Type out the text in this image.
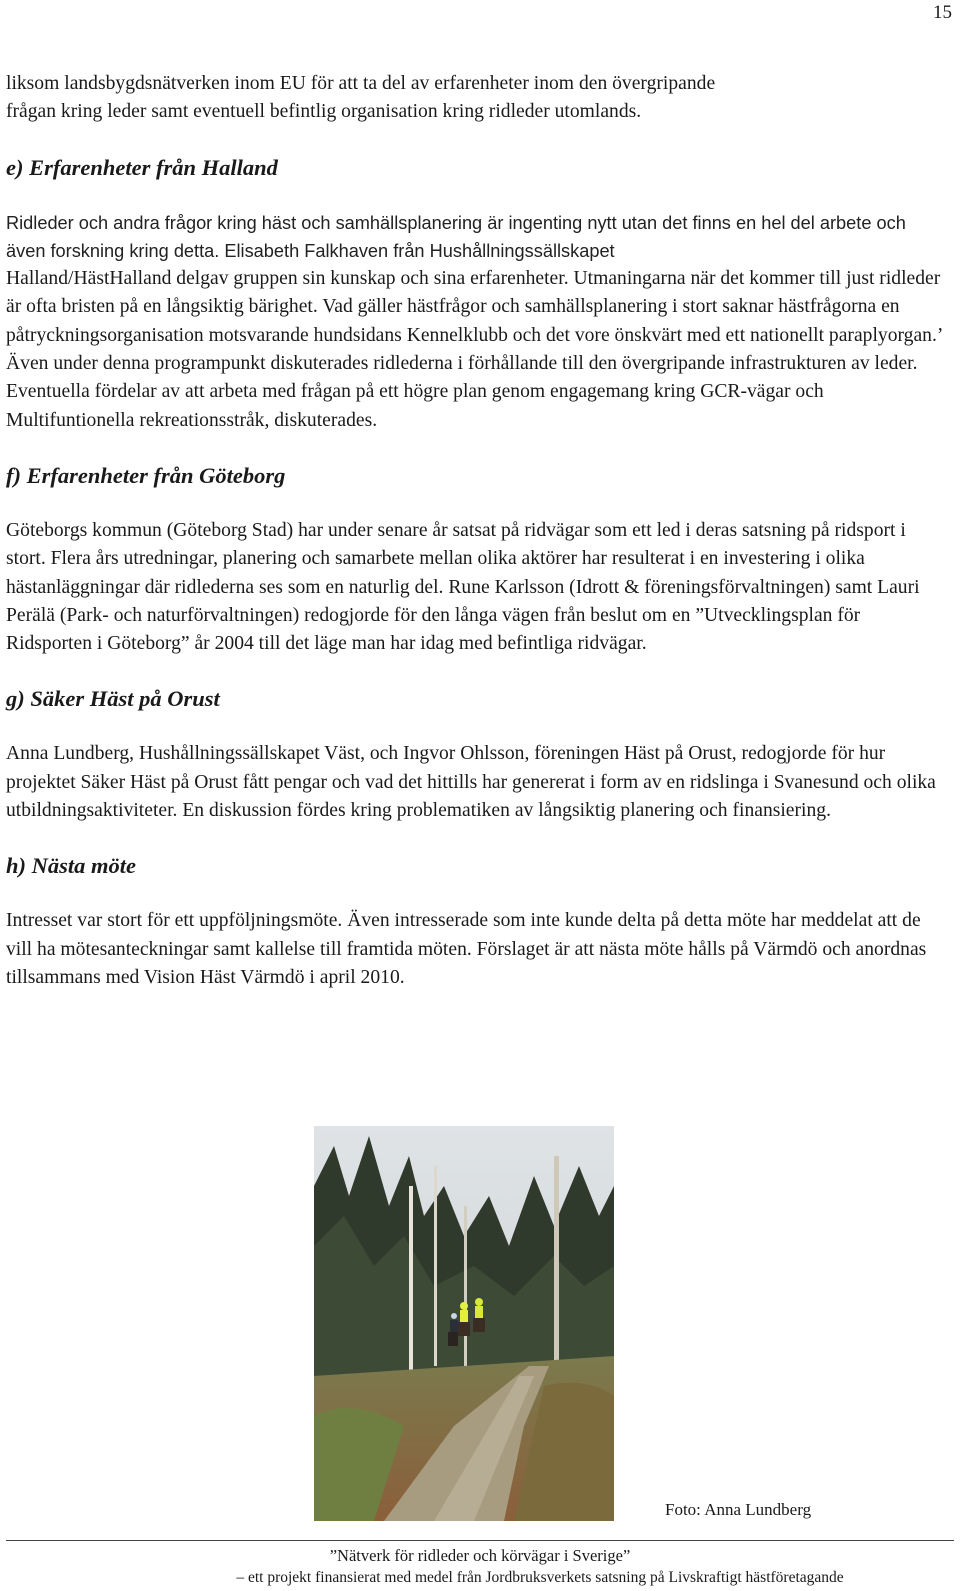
15

liksom landsbygdsnätverken inom EU för att ta del av erfarenheter inom den övergripande

frågan kring leder samt eventuell befintlig organisation kring ridleder utomlands.

e) Erfarenheter från Halland

Ridleder och andra frågor kring häst och samhällsplanering är ingenting nytt utan det finns en hel del arbete och även forskning kring detta. Elisabeth Falkhaven från Hushållningssällskapet

Halland/HästHalland delgav gruppen sin kunskap och sina erfarenheter. Utmaningarna när det kommer till just ridleder är ofta bristen på en långsiktig bärighet. Vad gäller hästfrågor och samhällsplanering i stort saknar hästfrågorna en påtryckningsorganisation motsvarande hundsidans Kennelklubb och det vore önskvärt med ett nationellt paraplyorgan.’

Även under denna programpunkt diskuterades ridlederna i förhållande till den övergripande infrastrukturen av leder. Eventuella fördelar av att arbeta med frågan på ett högre plan genom engagemang kring GCR-vägar och Multifuntionella rekreationsstråk, diskuterades.

f) Erfarenheter från Göteborg

Göteborgs kommun (Göteborg Stad) har under senare år satsat på ridvägar som ett led i deras satsning på ridsport i stort. Flera års utredningar, planering och samarbete mellan olika aktörer har resulterat i en investering i olika hästanläggningar där ridlederna ses som en naturlig del. Rune Karlsson (Idrott & föreningsförvaltningen) samt Lauri Perälä (Park- och naturförvaltningen) redogjorde för den långa vägen från beslut om en ”Utvecklingsplan för Ridsporten i Göteborg” år 2004 till det läge man har idag med befintliga ridvägar.

g) Säker Häst på Orust

Anna Lundberg, Hushållningssällskapet Väst, och Ingvor Ohlsson, föreningen Häst på Orust, redogjorde för hur projektet Säker Häst på Orust fått pengar och vad det hittills har genererat i form av en ridslinga i Svanesund och olika utbildningsaktiviteter. En diskussion fördes kring problematiken av långsiktig planering och finansiering.

h) Nästa möte

Intresset var stort för ett uppföljningsmöte. Även intresserade som inte kunde delta på detta möte har meddelat att de vill ha mötesanteckningar samt kallelse till framtida möten. Förslaget är att nästa möte hålls på Värmdö och anordnas tillsammans med Vision Häst Värmdö i april 2010.

Foto: Anna Lundberg
”Nätverk för ridleder och körvägar i Sverige”
– ett projekt finansierat med medel från Jordbruksverkets satsning på Livskraftigt hästföretagande
